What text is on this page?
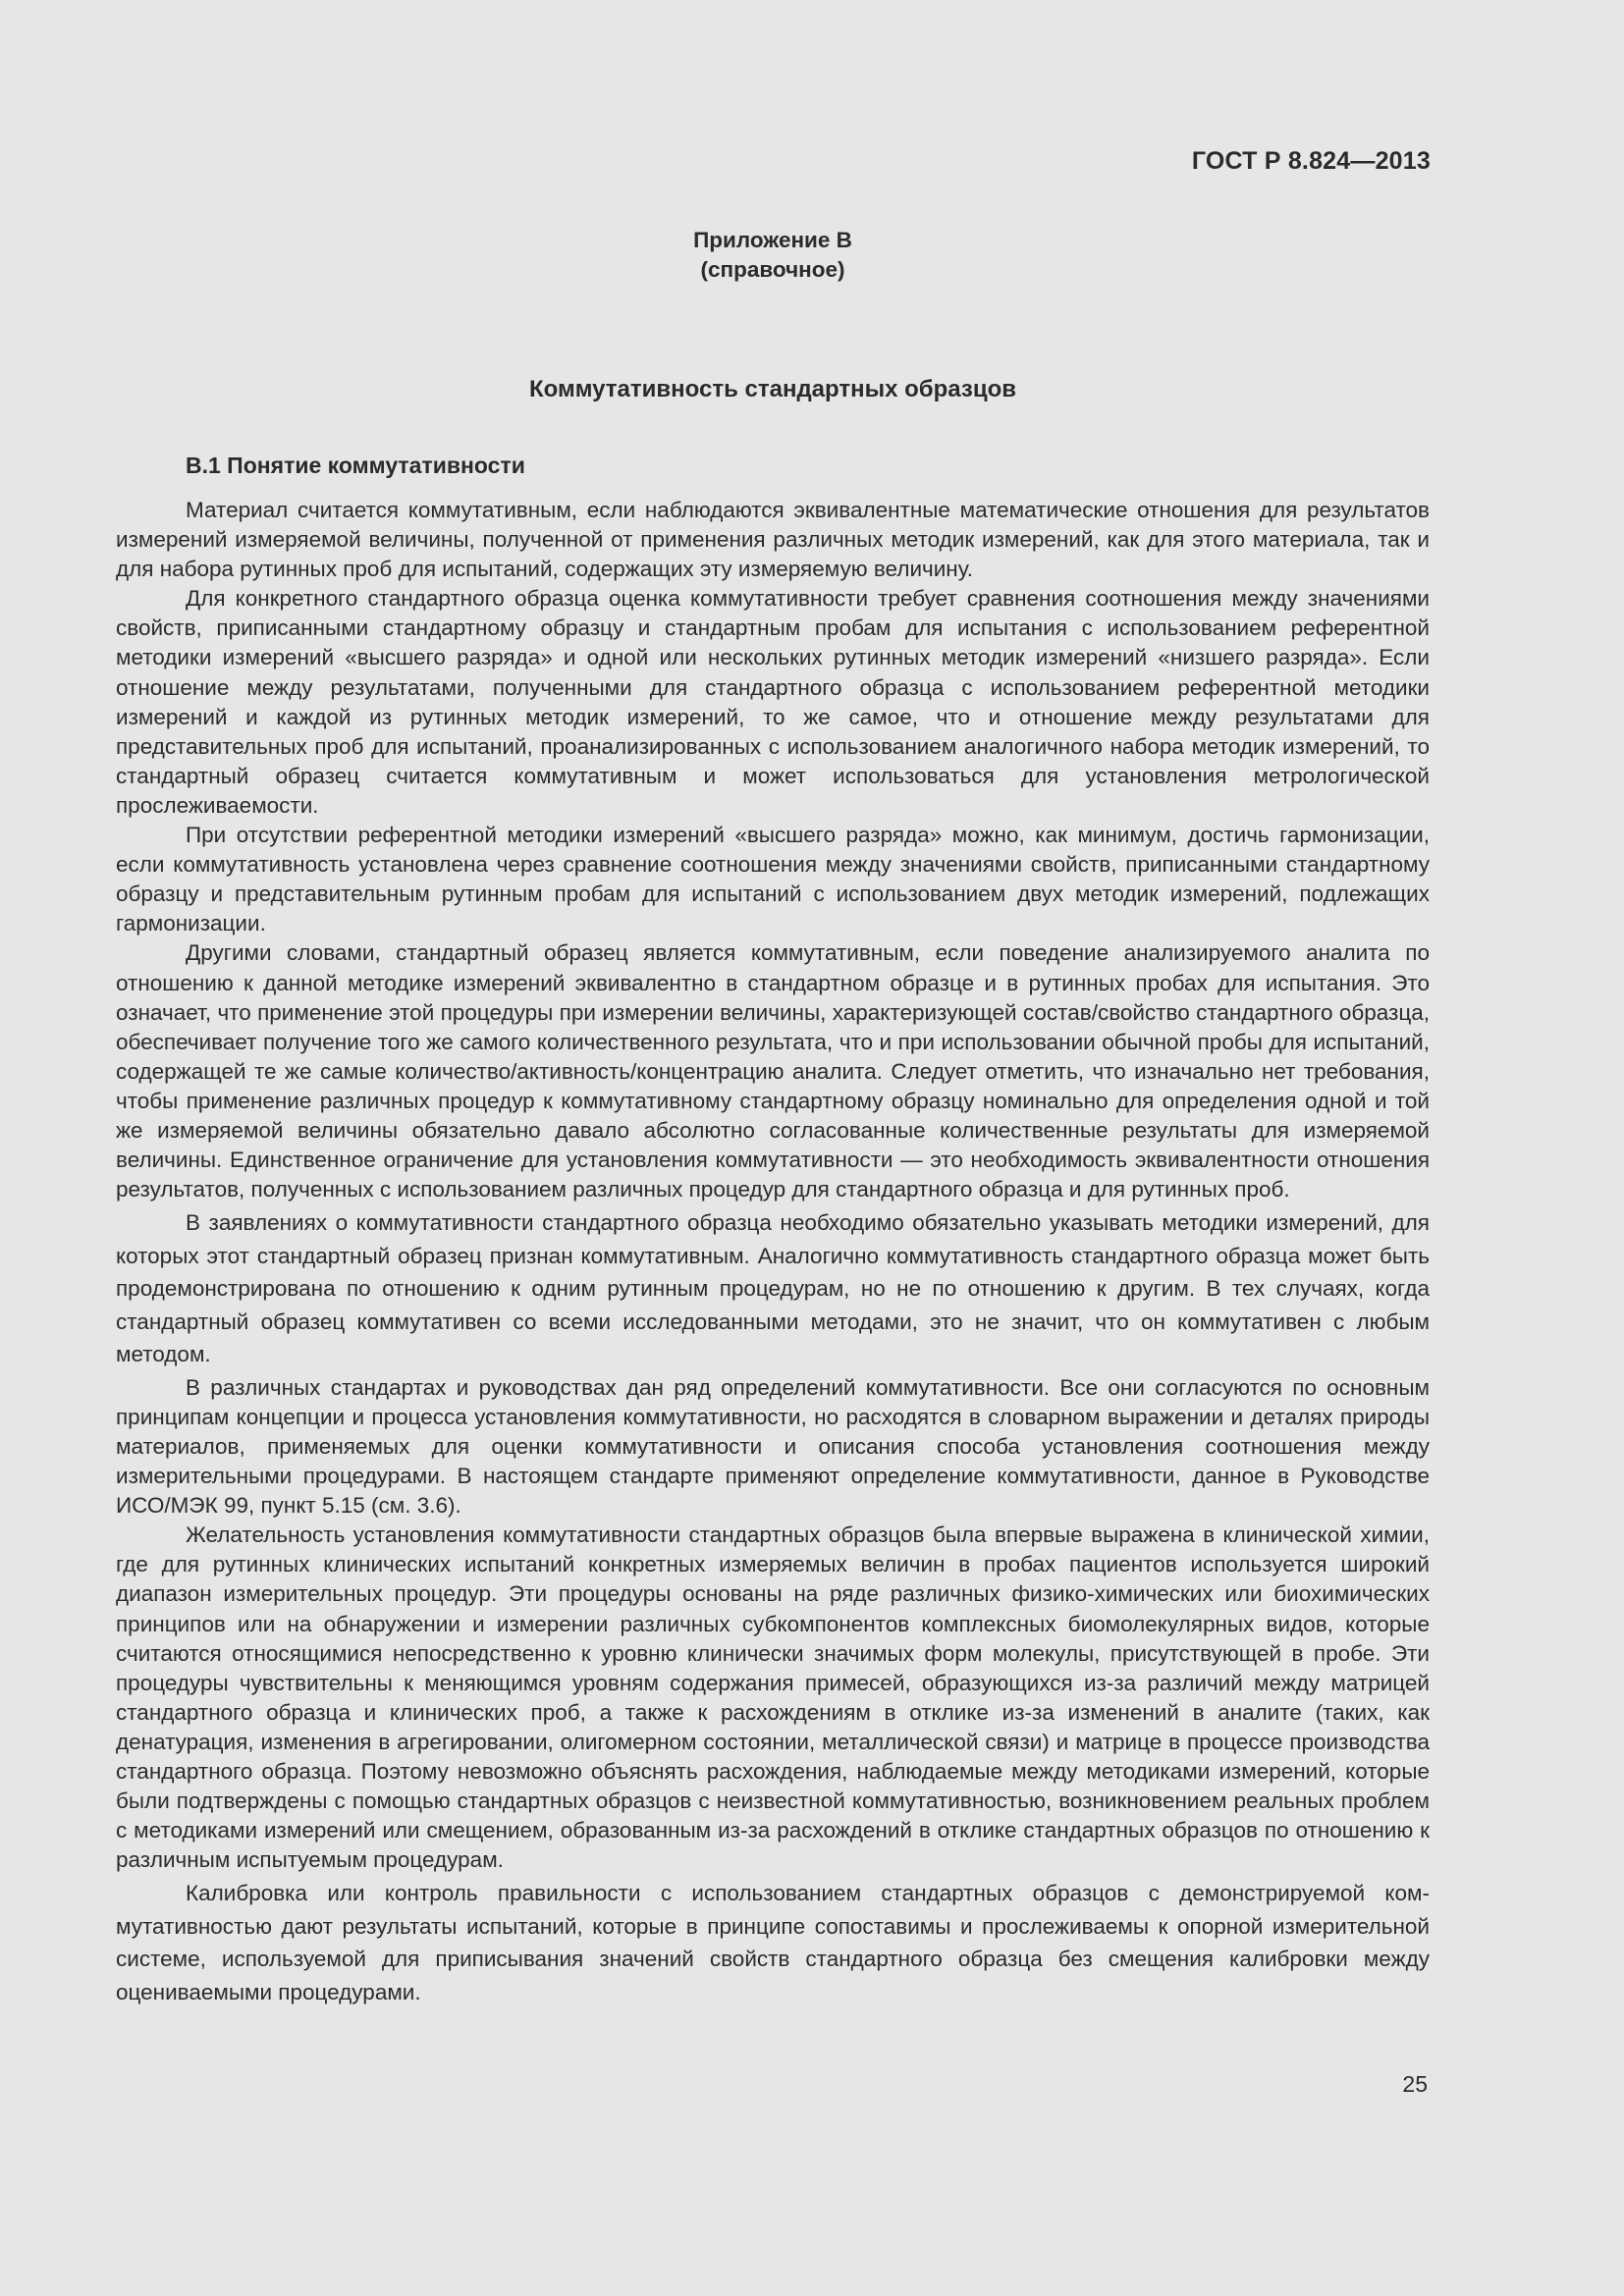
ГОСТ Р 8.824—2013
Приложение В
(справочное)
Коммутативность стандартных образцов
В.1 Понятие коммутативности

Материал считается коммутативным, если наблюдаются эквивалентные математические отношения для результатов измерений измеряемой величины, полученной от применения различных методик измерений, как для этого материала, так и для набора рутинных проб для испытаний, содержащих эту измеряемую величину.

Для конкретного стандартного образца оценка коммутативности требует сравнения соотношения между значениями свойств, приписанными стандартному образцу и стандартным пробам для испытания с использованием референтной методики измерений «высшего разряда» и одной или нескольких рутинных методик измерений «низшего разряда». Если отношение между результатами, полученными для стандартного образца с использованием референтной методики измерений и каждой из рутинных методик измерений, то же самое, что и отношение между результатами для представительных проб для испытаний, проанализированных с использованием аналогичного набора методик измерений, то стандартный образец считается коммутативным и может использоваться для установления метрологической прослеживаемости.

При отсутствии референтной методики измерений «высшего разряда» можно, как минимум, достичь гармонизации, если коммутативность установлена через сравнение соотношения между значениями свойств, приписанными стандартному образцу и представительным рутинным пробам для испытаний с использованием двух методик измерений, подлежащих гармонизации.

Другими словами, стандартный образец является коммутативным, если поведение анализируемого аналита по отношению к данной методике измерений эквивалентно в стандартном образце и в рутинных пробах для испытания. Это означает, что применение этой процедуры при измерении величины, характеризующей состав/свойство стандартного образца, обеспечивает получение того же самого количественного результата, что и при использовании обычной пробы для испытаний, содержащей те же самые количество/активность/концентрацию аналита. Следует отметить, что изначально нет требования, чтобы применение различных процедур к коммутативному стандартному образцу номинально для определения одной и той же измеряемой величины обязательно давало абсолютно согласованные количественные результаты для измеряемой величины. Единственное ограничение для установления коммутативности — это необходимость эквивалентности отношения результатов, полученных с использованием различных процедур для стандартного образца и для рутинных проб.

В заявлениях о коммутативности стандартного образца необходимо обязательно указывать методики измерений, для которых этот стандартный образец признан коммутативным. Аналогично коммутативность стандартного образца может быть продемонстрирована по отношению к одним рутинным процедурам, но не по отношению к другим. В тех случаях, когда стандартный образец коммутативен со всеми исследованными методами, это не значит, что он коммутативен с любым методом.

В различных стандартах и руководствах дан ряд определений коммутативности. Все они согласуются по основным принципам концепции и процесса установления коммутативности, но расходятся в словарном выражении и деталях природы материалов, применяемых для оценки коммутативности и описания способа установления соотношения между измерительными процедурами. В настоящем стандарте применяют определение коммутативности, данное в Руководстве ИСО/МЭК 99, пункт 5.15 (см. 3.6).

Желательность установления коммутативности стандартных образцов была впервые выражена в клинической химии, где для рутинных клинических испытаний конкретных измеряемых величин в пробах пациентов используется широкий диапазон измерительных процедур. Эти процедуры основаны на ряде различных физико-химических или биохимических принципов или на обнаружении и измерении различных субкомпонентов комплексных биомолекулярных видов, которые считаются относящимися непосредственно к уровню клинически значимых форм молекулы, присутствующей в пробе. Эти процедуры чувствительны к меняющимся уровням содержания примесей, образующихся из-за различий между матрицей стандартного образца и клинических проб, а также к расхождениям в отклике из-за изменений в аналите (таких, как денатурация, изменения в агрегировании, олигомерном состоянии, металлической связи) и матрице в процессе производства стандартного образца. Поэтому невозможно объяснять расхождения, наблюдаемые между методиками измерений, которые были подтверждены с помощью стандартных образцов с неизвестной коммутативностью, возникновением реальных проблем с методиками измерений или смещением, образованным из-за расхождений в отклике стандартных образцов по отношению к различным испытуемым процедурам.

Калибровка или контроль правильности с использованием стандартных образцов с демонстрируемой коммутативностью дают результаты испытаний, которые в принципе сопоставимы и прослеживаемы к опорной измерительной системе, используемой для приписывания значений свойств стандартного образца без смещения калибровки между оцениваемыми процедурами.

25
